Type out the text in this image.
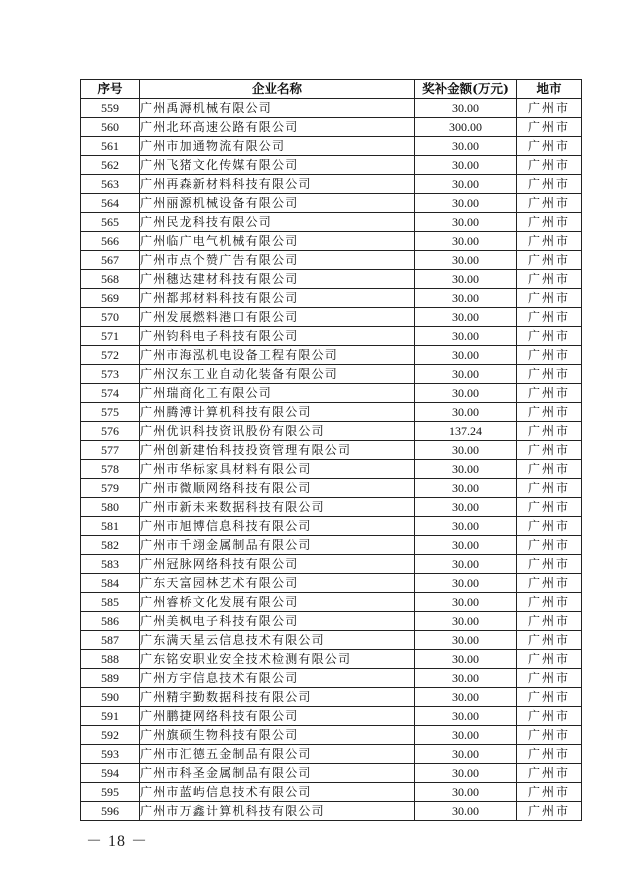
序号	企业名称	奖补金额(万元)	地市
559	广州禹溽机械有限公司	30.00	广州市
560	广州北环高速公路有限公司	300.00	广州市
561	广州市加通物流有限公司	30.00	广州市
562	广州飞猪文化传媒有限公司	30.00	广州市
563	广州再森新材料科技有限公司	30.00	广州市
564	广州丽源机械设备有限公司	30.00	广州市
565	广州民龙科技有限公司	30.00	广州市
566	广州临广电气机械有限公司	30.00	广州市
567	广州市点个赞广告有限公司	30.00	广州市
568	广州穗达建材科技有限公司	30.00	广州市
569	广州都邦材料科技有限公司	30.00	广州市
570	广州发展燃料港口有限公司	30.00	广州市
571	广州钧科电子科技有限公司	30.00	广州市
572	广州市海泓机电设备工程有限公司	30.00	广州市
573	广州汉东工业自动化装备有限公司	30.00	广州市
574	广州瑞商化工有限公司	30.00	广州市
575	广州腾溥计算机科技有限公司	30.00	广州市
576	广州优识科技资讯股份有限公司	137.24	广州市
577	广州创新建怡科技投资管理有限公司	30.00	广州市
578	广州市华标家具材料有限公司	30.00	广州市
579	广州市微顺网络科技有限公司	30.00	广州市
580	广州市新未来数据科技有限公司	30.00	广州市
581	广州市旭博信息科技有限公司	30.00	广州市
582	广州市千翊金属制品有限公司	30.00	广州市
583	广州冠脉网络科技有限公司	30.00	广州市
584	广东天富园林艺术有限公司	30.00	广州市
585	广州睿桥文化发展有限公司	30.00	广州市
586	广州美枫电子科技有限公司	30.00	广州市
587	广东满天星云信息技术有限公司	30.00	广州市
588	广东铭安职业安全技术检测有限公司	30.00	广州市
589	广州方宇信息技术有限公司	30.00	广州市
590	广州精宇勤数据科技有限公司	30.00	广州市
591	广州鹏捷网络科技有限公司	30.00	广州市
592	广州旗硕生物科技有限公司	30.00	广州市
593	广州市汇德五金制品有限公司	30.00	广州市
594	广州市科圣金属制品有限公司	30.00	广州市
595	广州市蓝屿信息技术有限公司	30.00	广州市
596	广州市万鑫计算机科技有限公司	30.00	广州市
－ 18 －
